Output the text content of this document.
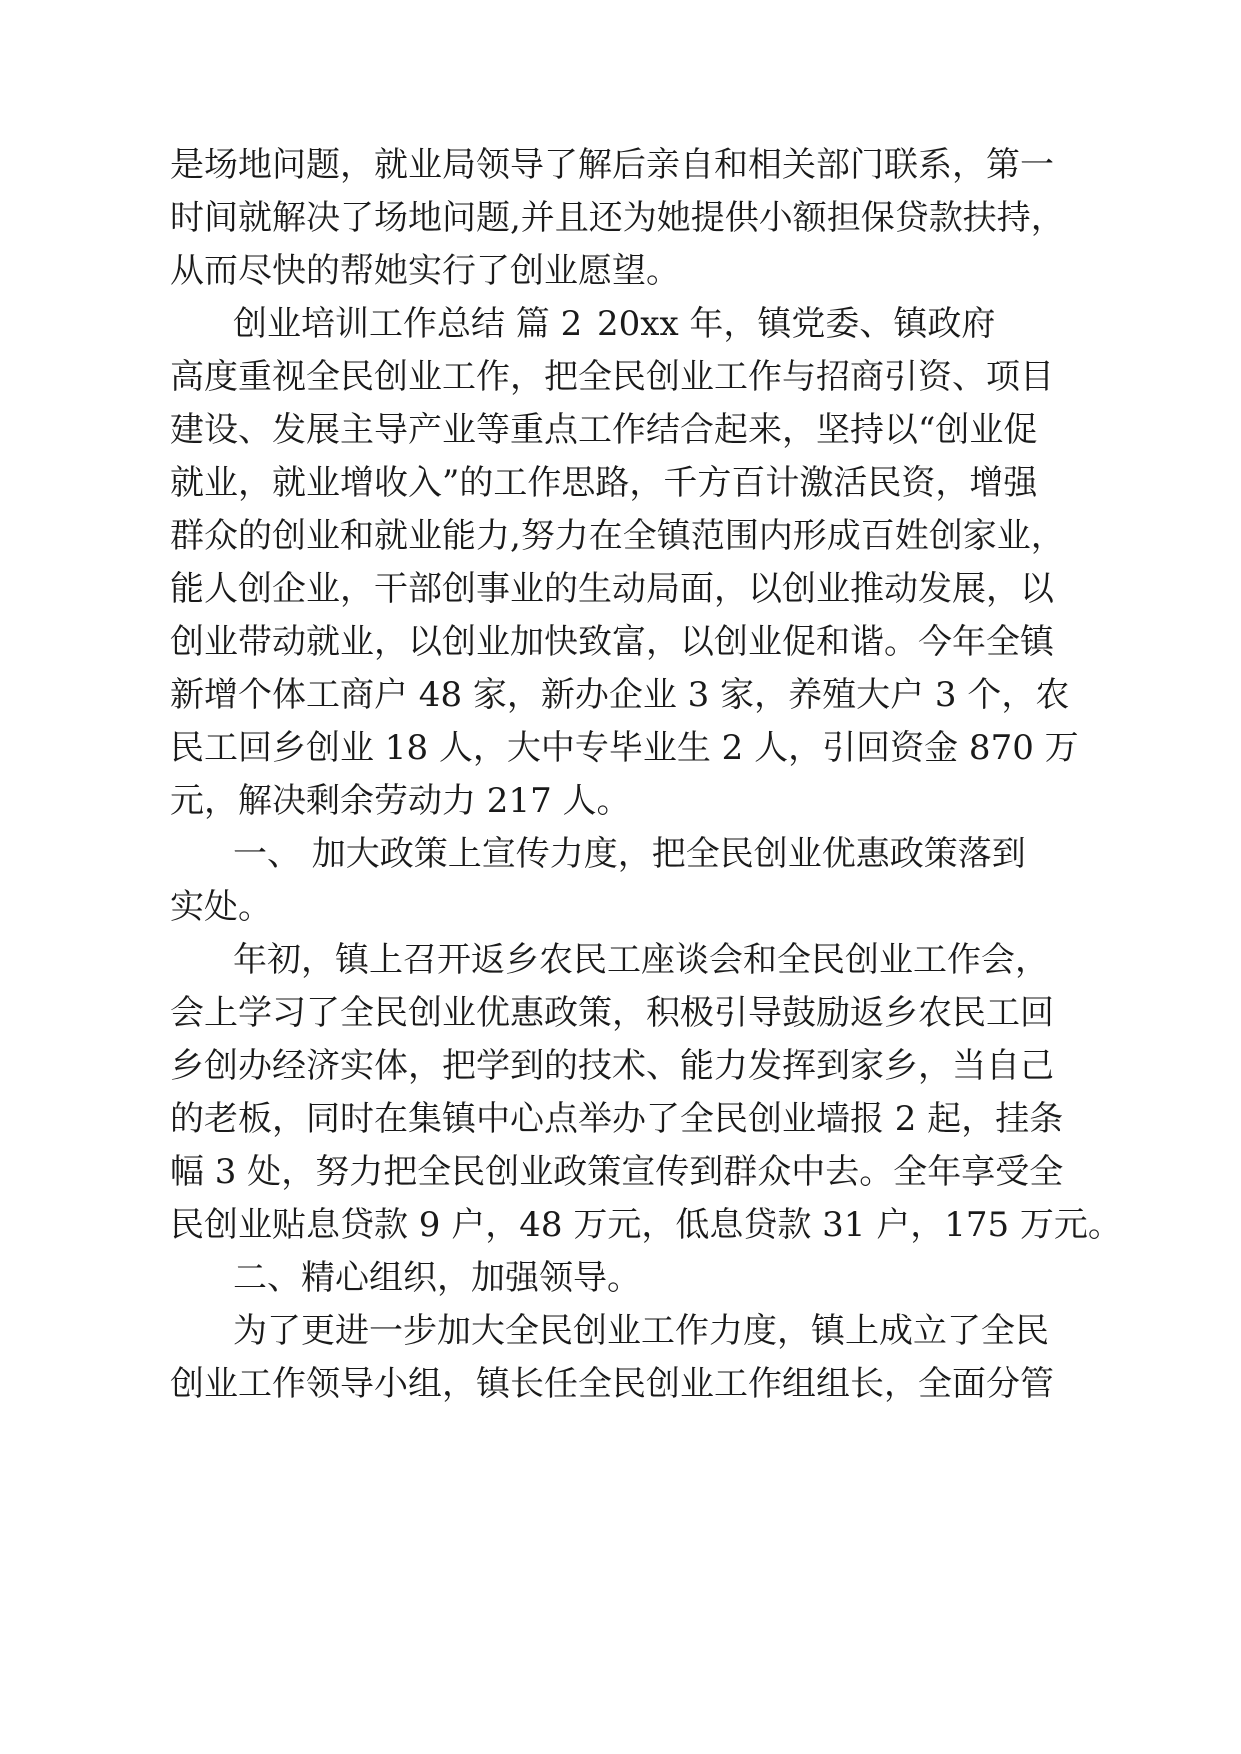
是场地问题，就业局领导了解后亲自和相关部门联系，第一
时间就解决了场地问题,并且还为她提供小额担保贷款扶持，
从而尽快的帮她实行了创业愿望。
创业培训工作总结 篇 2 20xx 年，镇党委、镇政府
高度重视全民创业工作，把全民创业工作与招商引资、项目
建设、发展主导产业等重点工作结合起来，坚持以“创业促
就业，就业增收入”的工作思路，千方百计激活民资，增强
群众的创业和就业能力,努力在全镇范围内形成百姓创家业，
能人创企业，干部创事业的生动局面，以创业推动发展，以
创业带动就业，以创业加快致富，以创业促和谐。今年全镇
新增个体工商户 48 家，新办企业 3 家，养殖大户 3 个，农
民工回乡创业 18 人，大中专毕业生 2 人，引回资金 870 万
元，解决剩余劳动力 217 人。
一、 加大政策上宣传力度，把全民创业优惠政策落到
实处。
年初，镇上召开返乡农民工座谈会和全民创业工作会，
会上学习了全民创业优惠政策，积极引导鼓励返乡农民工回
乡创办经济实体，把学到的技术、能力发挥到家乡，当自己
的老板，同时在集镇中心点举办了全民创业墙报 2 起，挂条
幅 3 处，努力把全民创业政策宣传到群众中去。全年享受全
民创业贴息贷款 9 户，48 万元，低息贷款 31 户，175 万元。
二、精心组织，加强领导。
为了更进一步加大全民创业工作力度，镇上成立了全民
创业工作领导小组，镇长任全民创业工作组组长，全面分管
